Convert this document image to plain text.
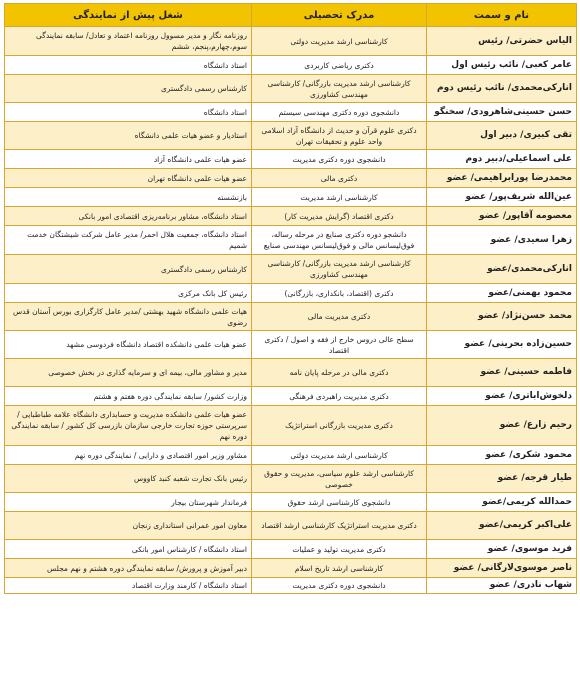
نام و سمت	مدرک تحصیلی	شغل پیش از نمایندگی
الیاس حضرتی/ رئیس	کارشناسی ارشد مدیریت دولتی	روزنامه نگار و مدیر مسوول روزنامه اعتماد و تعادل/ سابقه نمایندگی سوم،چهارم،پنجم، ششم
عامر کعبی/ نائب رئیس اول	دکتری ریاضی کاربردی	استاد دانشگاه
انارکی‌محمدی/ نائب رئیس دوم	کارشناسی ارشد مدیریت بازرگانی/ کارشناسی مهندسی کشاورزی	کارشناس رسمی دادگستری
حسن حسینی‌شاهرودی/ سخنگو	دانشجوی دوره دکتری مهندسی سیستم	استاد دانشگاه
تقی کبیری/ دبیر اول	دکتری علوم قرآن و حدیث از دانشگاه آزاد اسلامی واحد علوم و تحقیقات تهران	استادیار و عضو هیات علمی دانشگاه
علی اسماعیلی/دبیر دوم	دانشجوی دوره دکتری مدیریت	عضو هیات علمی دانشگاه آزاد
محمدرضا پورابراهیمی/ عضو	دکتری مالی	عضو هیات علمی دانشگاه تهران
عین‌الله شریف‌پور/ عضو	کارشناسی ارشد مدیریت	بازنشسته
معصومه آقاپور/ عضو	دکتری اقتصاد (گرایش مدیریت کار)	استاد دانشگاه، مشاور برنامه‌ریزی اقتصادی امور بانکی
زهرا سعیدی/ عضو	دانشجو دوره دکتری صنایع در مرحله رساله، فوق‌لیسانس مالی و فوق‌لیسانس مهندسی صنایع	استاد دانشگاه، جمعیت هلال احمر/ مدیر عامل شرکت شیشتگان خدمت شمیم
انارکی‌محمدی/عضو	کارشناسی ارشد مدیریت بازرگانی/ کارشناسی مهندسی کشاورزی	کارشناس رسمی دادگستری
محمود بهمنی/عضو	دکتری (اقتصاد، بانکداری، بازرگانی)	رئیس کل بانک مرکزی
محمد حسن‌نژاد/ عضو	دکتری مدیریت مالی	هیات علمی دانشگاه شهید بهشتی /مدیر عامل کارگزاری بورس آستان قدس رضوی
حسین‌زاده بحرینی/ عضو	سطح عالی دروس خارج از فقه و اصول / دکتری اقتصاد	عضو هیات علمی دانشکده اقتصاد دانشگاه فردوسی مشهد
فاطمه حسینی/ عضو	دکتری مالی در مرحله پایان نامه	مدیر و مشاور مالی، بیمه ای و سرمایه گذاری در بخش خصوصی
دلخوش‌اباتری/ عضو	دکتری مدیریت راهبردی فرهنگی	وزارت کشور/ سابقه نمایندگی دوره هفتم و هشتم
رحیم زارع/ عضو	دکتری مدیریت بازرگانی استراتژیک	عضو هیات علمی دانشکده مدیریت و حسابداری دانشگاه علامه طباطبایی / سرپرستی حوزه تجارت خارجی سازمان بازرسی کل کشور / سابقه نمایندگی دوره نهم
محمود شکری/ عضو	کارشناسی ارشد مدیریت دولتی	مشاور وزیر امور اقتصادی و دارایی / نمایندگی دوره نهم
طیار قرجه/ عضو	کارشناسی ارشد علوم سیاسی، مدیریت و حقوق خصوصی	رئیس بانک تجارت شعبه کنبد کاووس
حمدالله کریمی/عضو	دانشجوی کارشناسی ارشد حقوق	فرماندار شهرستان بیجار
علی‌اکبر کریمی/عضو	دکتری مدیریت استراتژیک کارشناسی ارشد اقتصاد	معاون امور عمرانی استانداری زنجان
فرید موسوی/ عضو	دکتری مدیریت تولید و عملیات	استاد دانشگاه / کارشناس امور بانکی
ناصر موسوی‌لارگانی/ عضو	کارشناسی ارشد تاریخ اسلام	دبیر آموزش و پرورش/ سابقه نمایندگی دوره هشتم و نهم مجلس
شهاب نادری/ عضو	دانشجوی دوره دکتری مدیریت	استاد دانشگاه / کارمند وزارت اقتصاد
